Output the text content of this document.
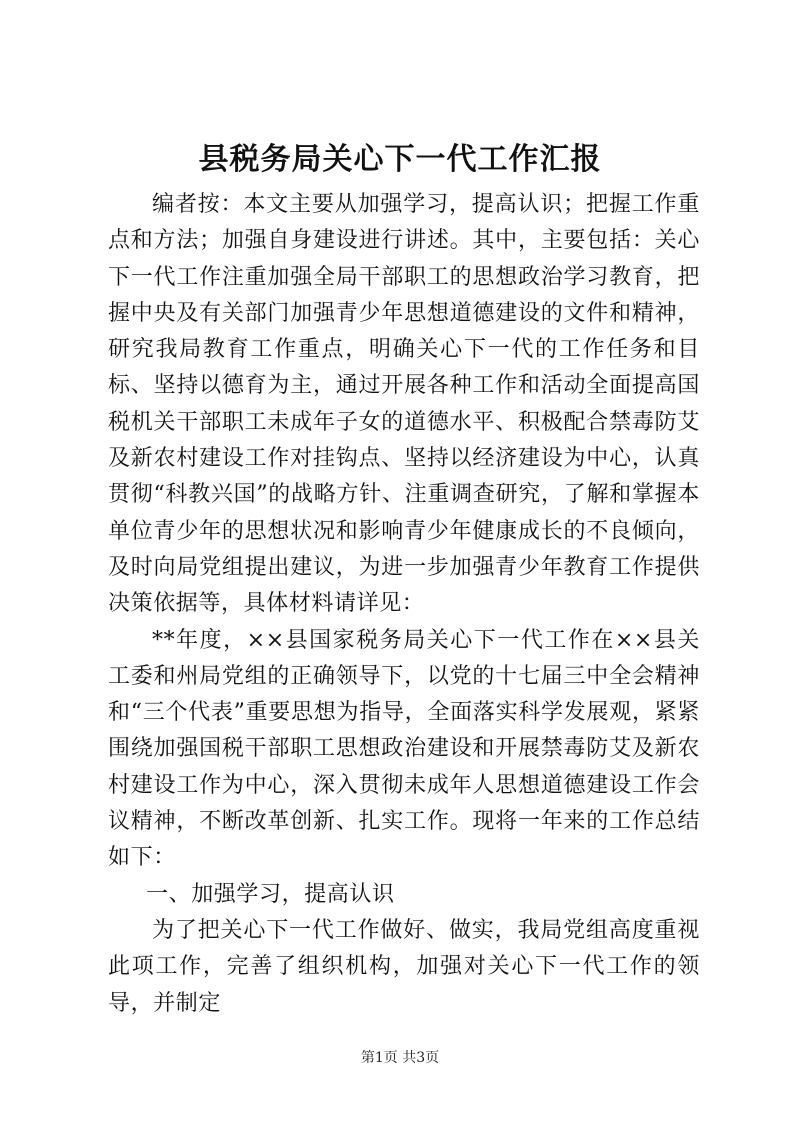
县税务局关心下一代工作汇报

编者按：本文主要从加强学习，提高认识；把握工作重点和方法；加强自身建设进行讲述。其中，主要包括：关心下一代工作注重加强全局干部职工的思想政治学习教育，把握中央及有关部门加强青少年思想道德建设的文件和精神，研究我局教育工作重点，明确关心下一代的工作任务和目标、坚持以德育为主，通过开展各种工作和活动全面提高国税机关干部职工未成年子女的道德水平、积极配合禁毒防艾及新农村建设工作对挂钩点、坚持以经济建设为中心，认真贯彻“科教兴国”的战略方针、注重调查研究，了解和掌握本单位青少年的思想状况和影响青少年健康成长的不良倾向，及时向局党组提出建议，为进一步加强青少年教育工作提供决策依据等，具体材料请详见：

**年度，××县国家税务局关心下一代工作在××县关工委和州局党组的正确领导下，以党的十七届三中全会精神和“三个代表”重要思想为指导，全面落实科学发展观，紧紧围绕加强国税干部职工思想政治建设和开展禁毒防艾及新农村建设工作为中心，深入贯彻未成年人思想道德建设工作会议精神，不断改革创新、扎实工作。现将一年来的工作总结如下：

一、加强学习，提高认识

为了把关心下一代工作做好、做实，我局党组高度重视此项工作，完善了组织机构，加强对关心下一代工作的领导，并制定

第1页 共3页
